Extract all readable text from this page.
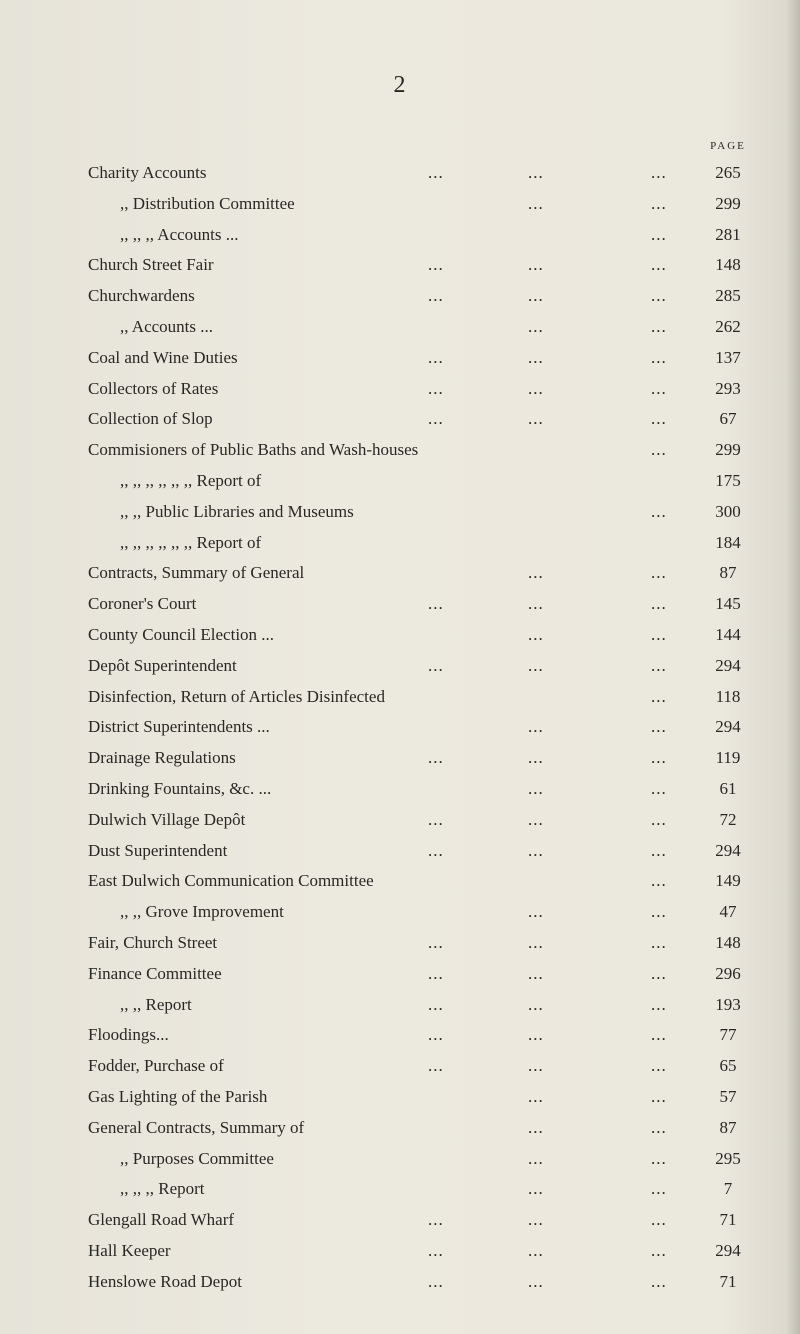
2
PAGE
Charity Accounts	...	...	...	265
,, Distribution Committee	...	...	299
,, ,, ,, Accounts ...	...	281
Church Street Fair	...	...	...	148
Churchwardens	...	...	...	285
,, Accounts ...	...	...	262
Coal and Wine Duties	...	...	...	137
Collectors of Rates	...	...	...	293
Collection of Slop	...	...	...	67
Commisioners of Public Baths and Wash-houses	...	299
,, ,, ,, ,, ,, ,, Report of	175
,, ,, Public Libraries and Museums	...	300
,, ,, ,, ,, ,, ,, Report of	184
Contracts, Summary of General	...	...	87
Coroner's Court	...	...	...	145
County Council Election ...	...	...	144
Depôt Superintendent	...	...	...	294
Disinfection, Return of Articles Disinfected	...	118
District Superintendents ...	...	...	294
Drainage Regulations	...	...	...	119
Drinking Fountains, &c. ...	...	...	61
Dulwich Village Depôt	...	...	...	72
Dust Superintendent	...	...	...	294
East Dulwich Communication Committee	...	149
,, ,, Grove Improvement	...	...	47
Fair, Church Street	...	...	...	148
Finance Committee	...	...	...	296
,, ,, Report	...	...	...	193
Floodings...	...	...	...	77
Fodder, Purchase of	...	...	...	65
Gas Lighting of the Parish	...	...	57
General Contracts, Summary of	...	...	87
,, Purposes Committee	...	...	295
,, ,, ,, Report	...	...	7
Glengall Road Wharf	...	...	...	71
Hall Keeper	...	...	...	294
Henslowe Road Depot	...	...	...	71
